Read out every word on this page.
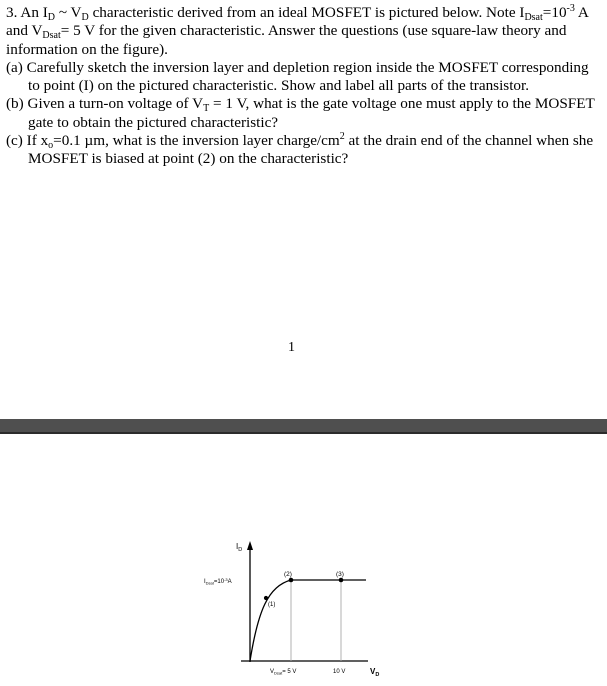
3. An $I_D$ ~ $V_D$ characteristic derived from an ideal MOSFET is pictured below. Note $I_{Dsat}=10^{-3}$ A and $V_{Dsat}= 5$ V for the given characteristic. Answer the questions (use square-law theory and information on the figure).

(a) Carefully sketch the inversion layer and depletion region inside the MOSFET corresponding to point (I) on the pictured characteristic. Show and label all parts of the transistor.

(b) Given a turn-on voltage of $V_T = 1$ V, what is the gate voltage one must apply to the MOSFET gate to obtain the pictured characteristic?

(c) If $x_o=0.1$ µm, what is the inversion layer charge/$cm^2$ at the drain end of the channel when she MOSFET is biased at point (2) on the characteristic?

1
$I_D$
$I_{Dsat}=10^{-3}A$
(2)	(3)
(1)
$V_{Dsat}= 5$ V	10 V	$V_D$
